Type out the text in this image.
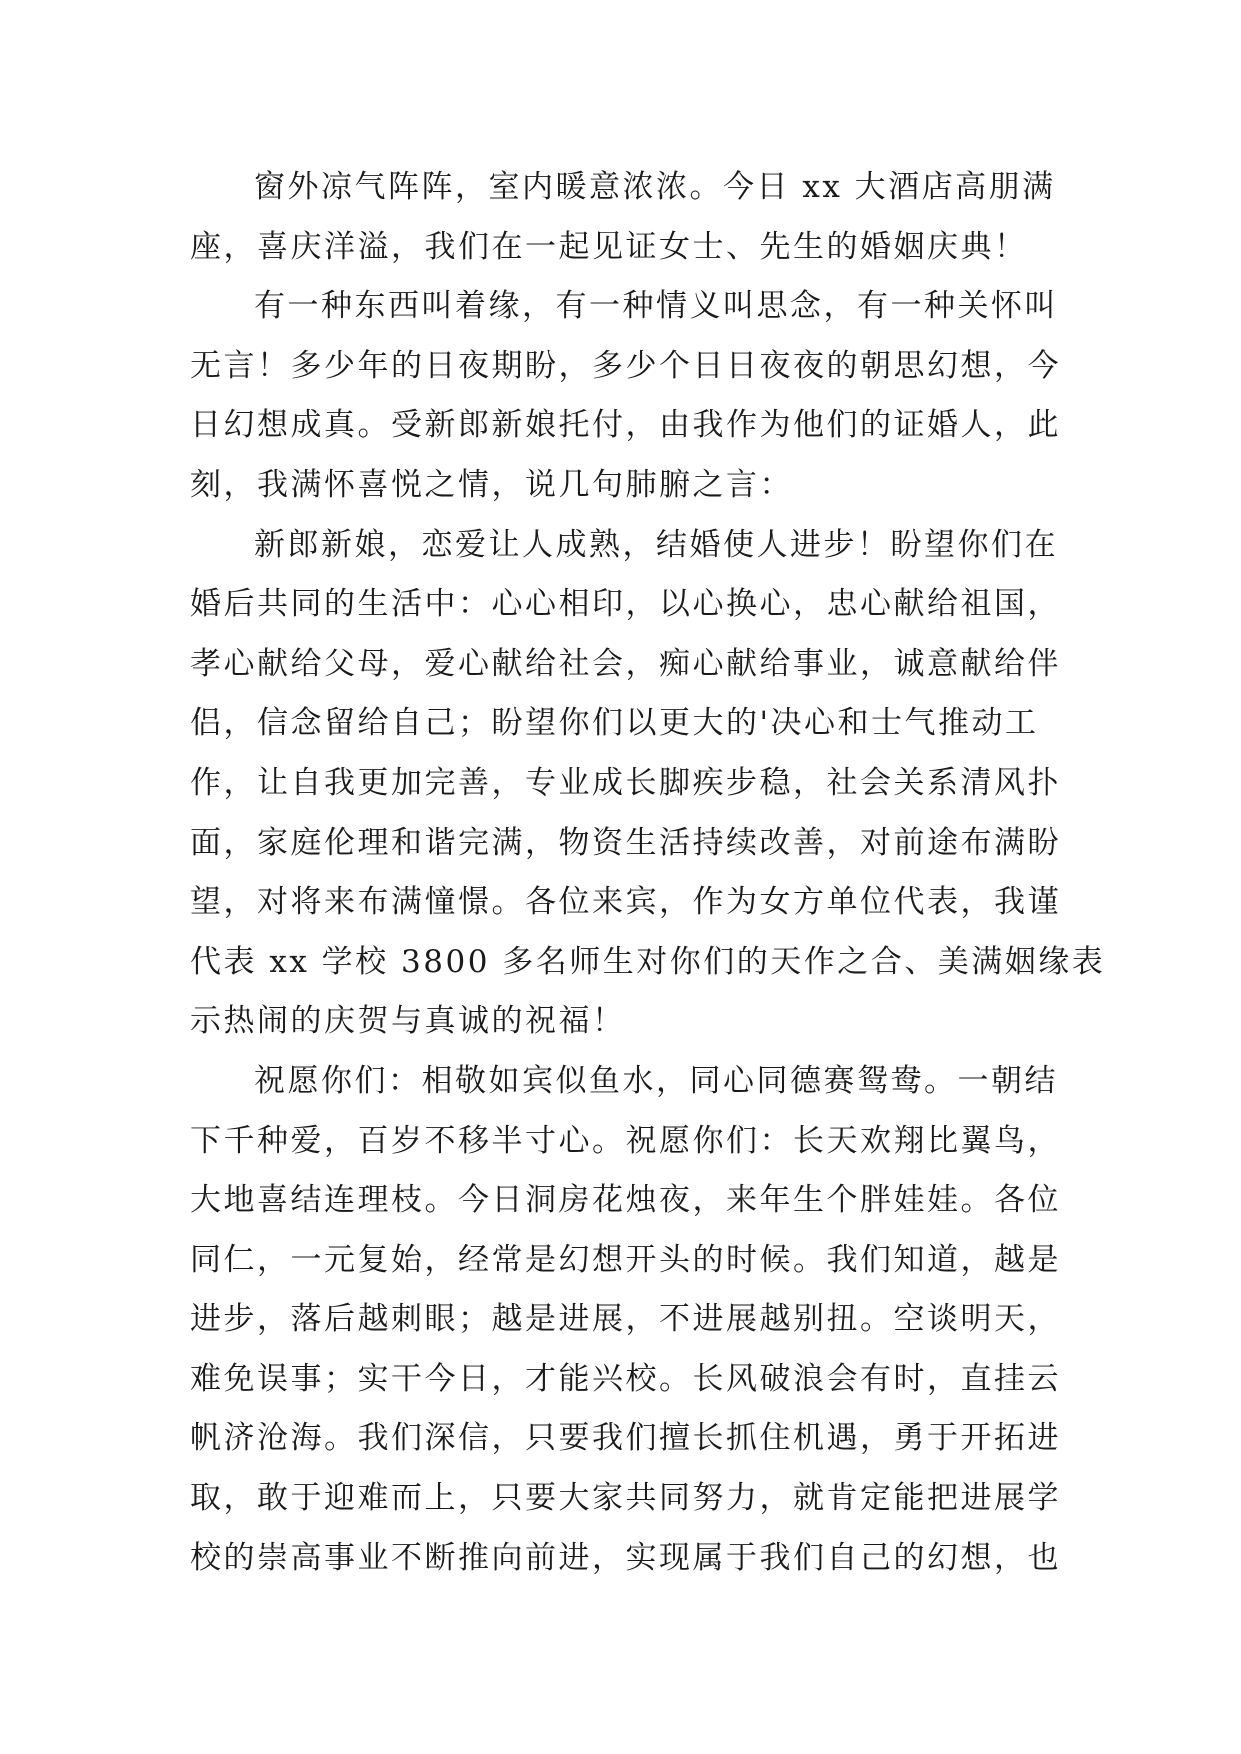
窗外凉气阵阵，室内暖意浓浓。今日 xx 大酒店高朋满
座，喜庆洋溢，我们在一起见证女士、先生的婚姻庆典！
有一种东西叫着缘，有一种情义叫思念，有一种关怀叫
无言！多少年的日夜期盼，多少个日日夜夜的朝思幻想，今
日幻想成真。受新郎新娘托付，由我作为他们的证婚人，此
刻，我满怀喜悦之情，说几句肺腑之言：
新郎新娘，恋爱让人成熟，结婚使人进步！盼望你们在
婚后共同的生活中：心心相印，以心换心，忠心献给祖国，
孝心献给父母，爱心献给社会，痴心献给事业，诚意献给伴
侣，信念留给自己；盼望你们以更大的'决心和士气推动工
作，让自我更加完善，专业成长脚疾步稳，社会关系清风扑
面，家庭伦理和谐完满，物资生活持续改善，对前途布满盼
望，对将来布满憧憬。各位来宾，作为女方单位代表，我谨
代表 xx 学校 3800 多名师生对你们的天作之合、美满姻缘表
示热闹的庆贺与真诚的祝福！
祝愿你们：相敬如宾似鱼水，同心同德赛鸳鸯。一朝结
下千种爱，百岁不移半寸心。祝愿你们：长天欢翔比翼鸟，
大地喜结连理枝。今日洞房花烛夜，来年生个胖娃娃。各位
同仁，一元复始，经常是幻想开头的时候。我们知道，越是
进步，落后越刺眼；越是进展，不进展越别扭。空谈明天，
难免误事；实干今日，才能兴校。长风破浪会有时，直挂云
帆济沧海。我们深信，只要我们擅长抓住机遇，勇于开拓进
取，敢于迎难而上，只要大家共同努力，就肯定能把进展学
校的崇高事业不断推向前进，实现属于我们自己的幻想，也
